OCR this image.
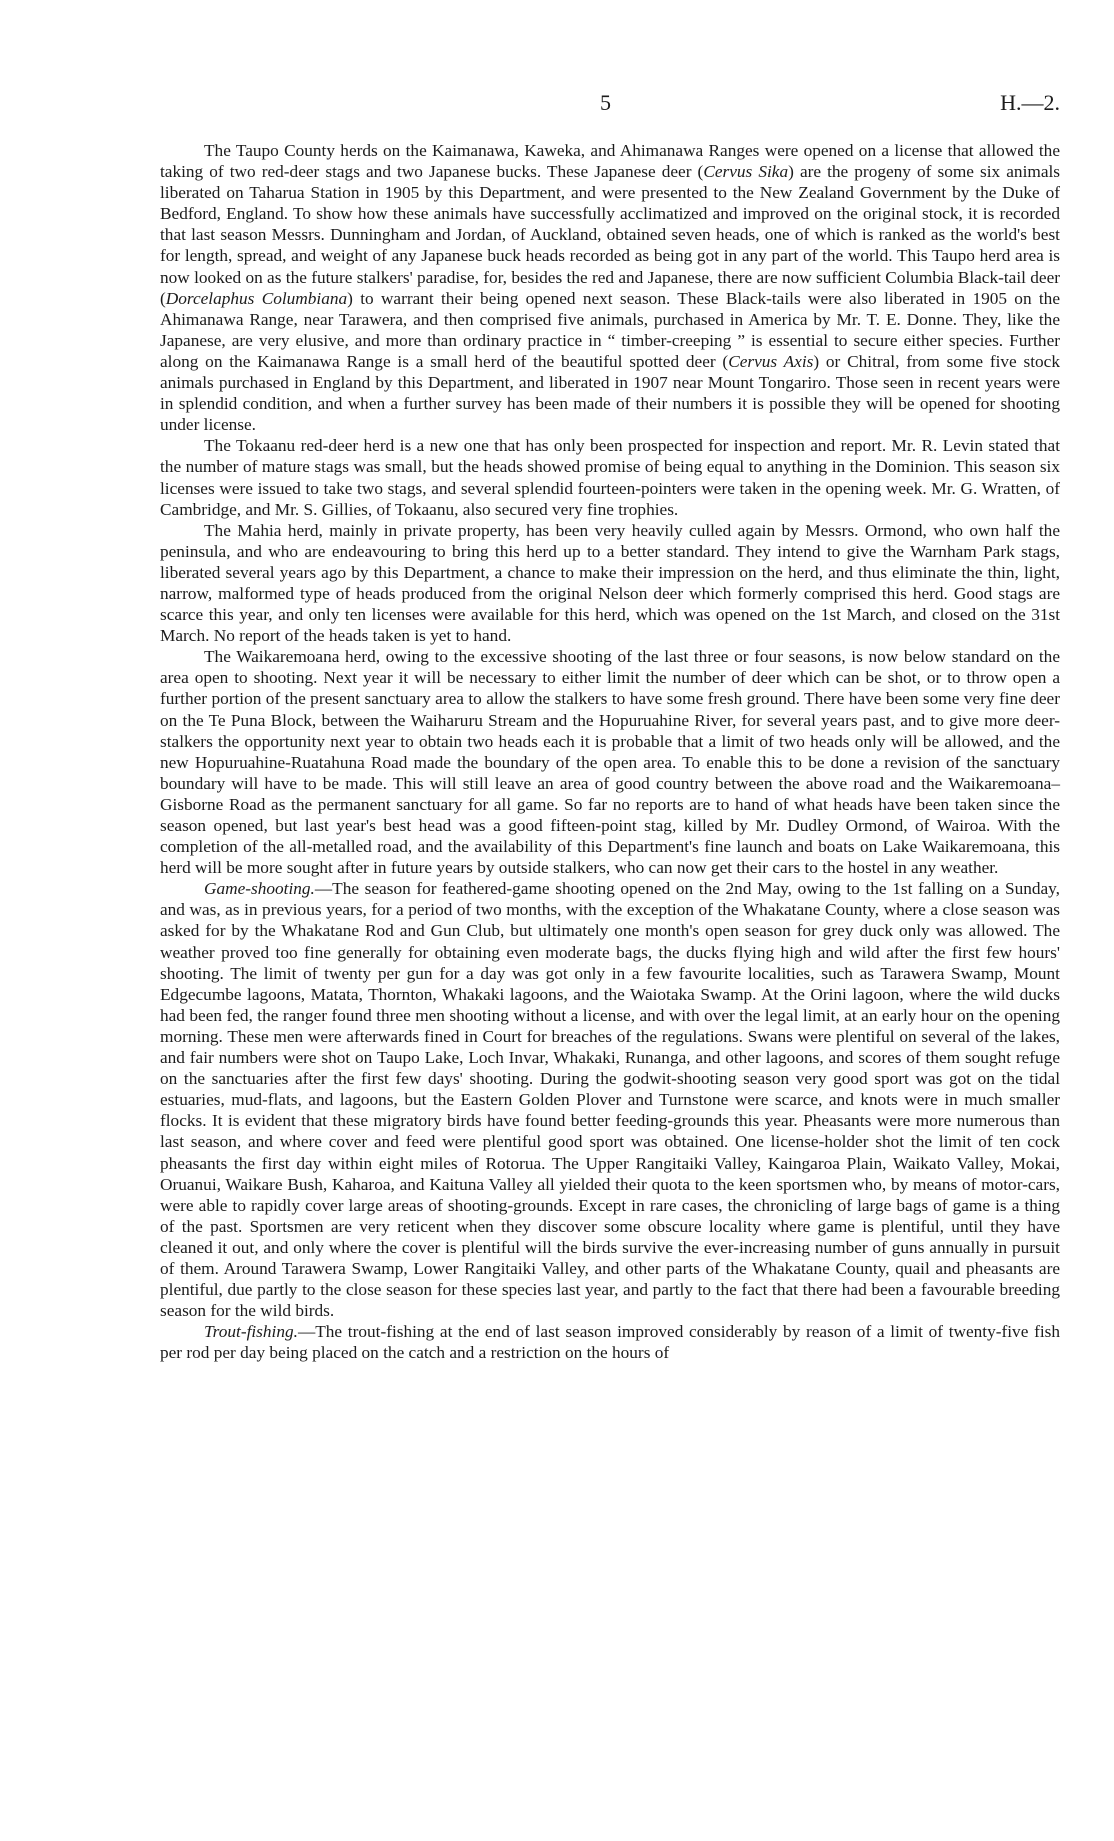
5	H.—2.

The Taupo County herds on the Kaimanawa, Kaweka, and Ahimanawa Ranges were opened on a license that allowed the taking of two red-deer stags and two Japanese bucks. These Japanese deer (Cervus Sika) are the progeny of some six animals liberated on Taharua Station in 1905 by this Department, and were presented to the New Zealand Government by the Duke of Bedford, England. To show how these animals have successfully acclimatized and improved on the original stock, it is recorded that last season Messrs. Dunningham and Jordan, of Auckland, obtained seven heads, one of which is ranked as the world's best for length, spread, and weight of any Japanese buck heads recorded as being got in any part of the world. This Taupo herd area is now looked on as the future stalkers' paradise, for, besides the red and Japanese, there are now sufficient Columbia Black-tail deer (Dorcelaphus Columbiana) to warrant their being opened next season. These Black-tails were also liberated in 1905 on the Ahimanawa Range, near Tarawera, and then comprised five animals, purchased in America by Mr. T. E. Donne. They, like the Japanese, are very elusive, and more than ordinary practice in “ timber-creeping ” is essential to secure either species. Further along on the Kaimanawa Range is a small herd of the beautiful spotted deer (Cervus Axis) or Chitral, from some five stock animals purchased in England by this Department, and liberated in 1907 near Mount Tongariro. Those seen in recent years were in splendid condition, and when a further survey has been made of their numbers it is possible they will be opened for shooting under license.

The Tokaanu red-deer herd is a new one that has only been prospected for inspection and report. Mr. R. Levin stated that the number of mature stags was small, but the heads showed promise of being equal to anything in the Dominion. This season six licenses were issued to take two stags, and several splendid fourteen-pointers were taken in the opening week. Mr. G. Wratten, of Cambridge, and Mr. S. Gillies, of Tokaanu, also secured very fine trophies.

The Mahia herd, mainly in private property, has been very heavily culled again by Messrs. Ormond, who own half the peninsula, and who are endeavouring to bring this herd up to a better standard. They intend to give the Warnham Park stags, liberated several years ago by this Department, a chance to make their impression on the herd, and thus eliminate the thin, light, narrow, malformed type of heads produced from the original Nelson deer which formerly comprised this herd. Good stags are scarce this year, and only ten licenses were available for this herd, which was opened on the 1st March, and closed on the 31st March. No report of the heads taken is yet to hand.

The Waikaremoana herd, owing to the excessive shooting of the last three or four seasons, is now below standard on the area open to shooting. Next year it will be necessary to either limit the number of deer which can be shot, or to throw open a further portion of the present sanctuary area to allow the stalkers to have some fresh ground. There have been some very fine deer on the Te Puna Block, between the Waiharuru Stream and the Hopuruahine River, for several years past, and to give more deer-stalkers the opportunity next year to obtain two heads each it is probable that a limit of two heads only will be allowed, and the new Hopuruahine-Ruatahuna Road made the boundary of the open area. To enable this to be done a revision of the sanctuary boundary will have to be made. This will still leave an area of good country between the above road and the Waikaremoana–Gisborne Road as the permanent sanctuary for all game. So far no reports are to hand of what heads have been taken since the season opened, but last year's best head was a good fifteen-point stag, killed by Mr. Dudley Ormond, of Wairoa. With the completion of the all-metalled road, and the availability of this Department's fine launch and boats on Lake Waikaremoana, this herd will be more sought after in future years by outside stalkers, who can now get their cars to the hostel in any weather.

Game-shooting.—The season for feathered-game shooting opened on the 2nd May, owing to the 1st falling on a Sunday, and was, as in previous years, for a period of two months, with the exception of the Whakatane County, where a close season was asked for by the Whakatane Rod and Gun Club, but ultimately one month's open season for grey duck only was allowed. The weather proved too fine generally for obtaining even moderate bags, the ducks flying high and wild after the first few hours' shooting. The limit of twenty per gun for a day was got only in a few favourite localities, such as Tarawera Swamp, Mount Edgecumbe lagoons, Matata, Thornton, Whakaki lagoons, and the Waiotaka Swamp. At the Orini lagoon, where the wild ducks had been fed, the ranger found three men shooting without a license, and with over the legal limit, at an early hour on the opening morning. These men were afterwards fined in Court for breaches of the regulations. Swans were plentiful on several of the lakes, and fair numbers were shot on Taupo Lake, Loch Invar, Whakaki, Runanga, and other lagoons, and scores of them sought refuge on the sanctuaries after the first few days' shooting. During the godwit-shooting season very good sport was got on the tidal estuaries, mud-flats, and lagoons, but the Eastern Golden Plover and Turnstone were scarce, and knots were in much smaller flocks. It is evident that these migratory birds have found better feeding-grounds this year. Pheasants were more numerous than last season, and where cover and feed were plentiful good sport was obtained. One license-holder shot the limit of ten cock pheasants the first day within eight miles of Rotorua. The Upper Rangitaiki Valley, Kaingaroa Plain, Waikato Valley, Mokai, Oruanui, Waikare Bush, Kaharoa, and Kaituna Valley all yielded their quota to the keen sportsmen who, by means of motor-cars, were able to rapidly cover large areas of shooting-grounds. Except in rare cases, the chronicling of large bags of game is a thing of the past. Sportsmen are very reticent when they discover some obscure locality where game is plentiful, until they have cleaned it out, and only where the cover is plentiful will the birds survive the ever-increasing number of guns annually in pursuit of them. Around Tarawera Swamp, Lower Rangitaiki Valley, and other parts of the Whakatane County, quail and pheasants are plentiful, due partly to the close season for these species last year, and partly to the fact that there had been a favourable breeding season for the wild birds.

Trout-fishing.—The trout-fishing at the end of last season improved considerably by reason of a limit of twenty-five fish per rod per day being placed on the catch and a restriction on the hours of
